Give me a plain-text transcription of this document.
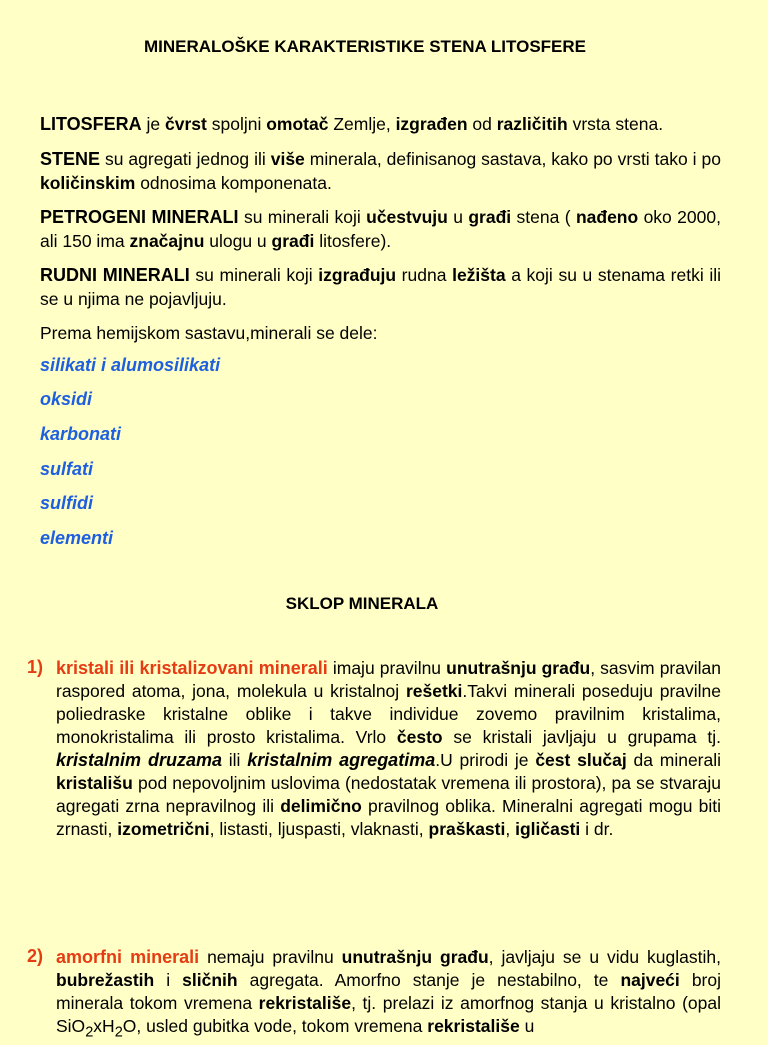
MINERALOŠKE KARAKTERISTIKE STENA LITOSFERE
LITOSFERA je čvrst spoljni omotač Zemlje, izgrađen od različitih vrsta stena.
STENE su agregati jednog ili više minerala, definisanog sastava, kako po vrsti tako i po količinskim odnosima komponenata.
PETROGENI MINERALI su minerali koji učestvuju u građi stena ( nađeno oko 2000, ali 150 ima značajnu ulogu u građi litosfere).
RUDNI MINERALI su minerali koji izgrađuju rudna ležišta a koji su u stenama retki ili se u njima ne pojavljuju.
Prema hemijskom sastavu,minerali se dele:
silikati i alumosilikati
oksidi
karbonati
sulfati
sulfidi
elementi
SKLOP MINERALA
1) kristali ili kristalizovani minerali imaju pravilnu unutrašnju građu, sasvim pravilan raspored atoma, jona, molekula u kristalnoj rešetki.Takvi minerali poseduju pravilne poliedraske kristalne oblike i takve individue zovemo pravilnim kristalima, monokristalima ili prosto kristalima. Vrlo često se kristali javljaju u grupama tj. kristalnim druzama ili kristalnim agregatima.U prirodi je čest slučaj da minerali kristališu pod nepovoljnim uslovima (nedostatak vremena ili prostora), pa se stvaraju agregati zrna nepravilnog ili delimično pravilnog oblika. Mineralni agregati mogu biti zrnasti, izometrični, listasti, ljuspasti, vlaknasti, praškasti, igličasti i dr.
2) amorfni minerali nemaju pravilnu unutrašnju građu, javljaju se u vidu kuglastih, bubrežastih i sličnih agregata. Amorfno stanje je nestabilno, te najveći broj minerala tokom vremena rekristališe, tj. prelazi iz amorfnog stanja u kristalno (opal $SiO_2xH_2O$, usled gubitka vode, tokom vremena rekristališe u
